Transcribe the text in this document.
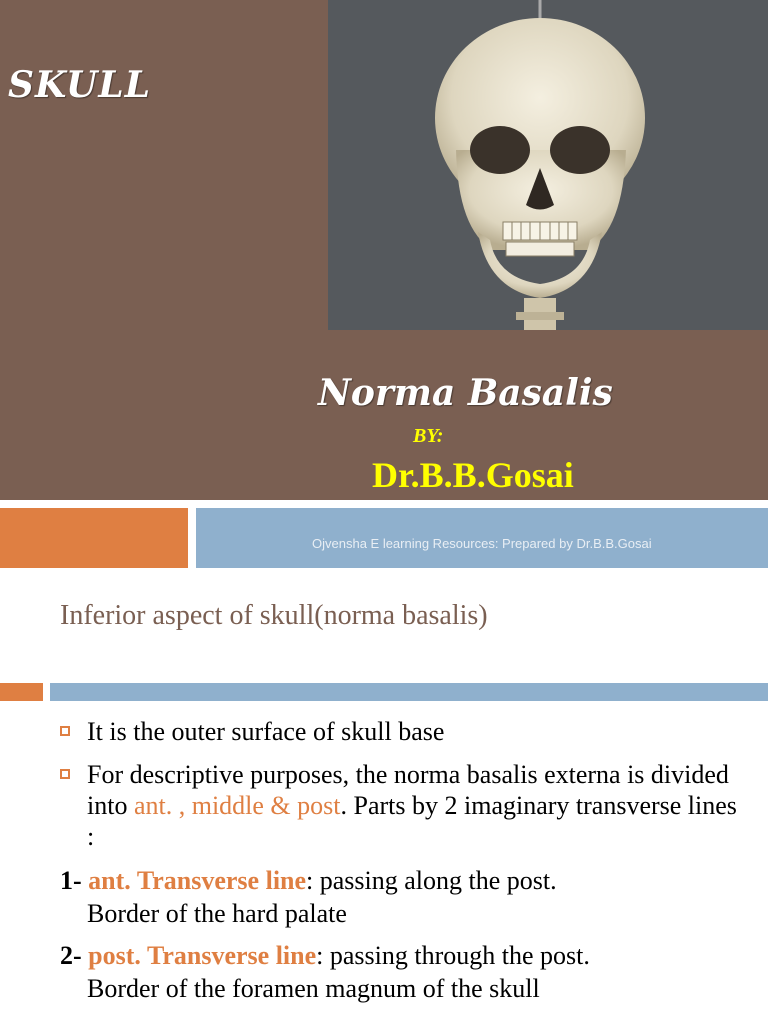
SKULL
Norma Basalis
BY:
Dr.B.B.Gosai
Ojvensha E learning Resources: Prepared by Dr.B.B.Gosai
Inferior aspect of skull(norma basalis)
It is the outer surface of skull base
For descriptive purposes, the norma basalis externa is divided into ant. , middle & post. Parts by 2 imaginary transverse lines :
1- ant. Transverse line: passing along the post.
Border of the hard palate
2- post. Transverse line: passing through the post.
Border of the foramen magnum of the skull
